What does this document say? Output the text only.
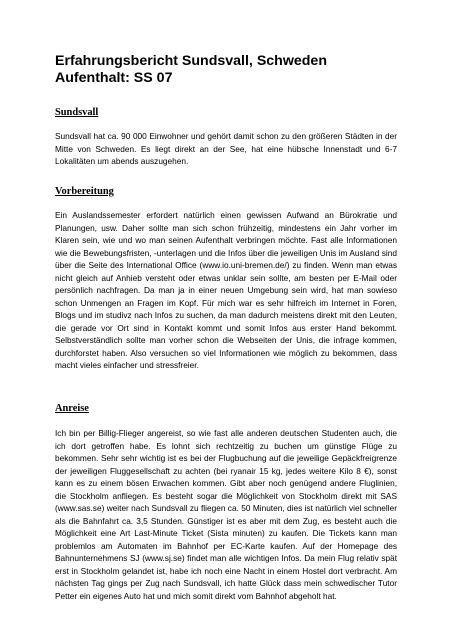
Erfahrungsbericht Sundsvall, Schweden
Aufenthalt: SS 07
Sundsvall

Sundsvall hat ca. 90 000 Einwohner und gehört damit schon zu den größeren Städten in der Mitte von Schweden. Es liegt direkt an der See, hat eine hübsche Innenstadt und 6-7 Lokalitäten um abends auszugehen.

Vorbereitung

Ein Auslandssemester erfordert natürlich einen gewissen Aufwand an Bürokratie und Planungen, usw. Daher sollte man sich schon frühzeitig, mindestens ein Jahr vorher im Klaren sein, wie und wo man seinen Aufenthalt verbringen möchte. Fast alle Informationen wie die Bewebungsfristen, -unterlagen und die Infos über die jeweiligen Unis im Ausland sind über die Seite des International Office (www.io.uni-bremen.de/) zu finden. Wenn man etwas nicht gleich auf Anhieb versteht oder etwas unklar sein sollte, am besten per E-Mail oder persönlich nachfragen. Da man ja in einer neuen Umgebung sein wird, hat man sowieso schon Unmengen an Fragen im Kopf. Für mich war es sehr hilfreich im Internet in Foren, Blogs und im studivz nach Infos zu suchen, da man dadurch meistens direkt mit den Leuten, die gerade vor Ort sind in Kontakt kommt und somit Infos aus erster Hand bekommt. Selbstverständlich sollte man vorher schon die Webseiten der Unis, die infrage kommen, durchforstet haben. Also versuchen so viel Informationen wie möglich zu bekommen, dass macht vieles einfacher und stressfreier.

Anreise

Ich bin per Billig-Flieger angereist, so wie fast alle anderen deutschen Studenten auch, die ich dort getroffen habe. Es lohnt sich rechtzeitig zu buchen um günstige Flüge zu bekommen. Sehr sehr wichtig ist es bei der Flugbuchung auf die jeweilige Gepäckfreigrenze der jeweiligen Fluggesellschaft zu achten (bei ryanair 15 kg, jedes weitere Kilo 8 €), sonst kann es zu einem bösen Erwachen kommen. Gibt aber noch genügend andere Fluglinien, die Stockholm anfliegen. Es besteht sogar die Möglichkeit von Stockholm direkt mit SAS (www.sas.se) weiter nach Sundsvall zu fliegen ca. 50 Minuten, dies ist natürlich viel schneller als die Bahnfahrt ca. 3,5 Stunden. Günstiger ist es aber mit dem Zug, es besteht auch die Möglichkeit eine Art Last-Minute Ticket (Sista minuten) zu kaufen. Die Tickets kann man problemlos am Automaten im Bahnhof per EC-Karte kaufen. Auf der Homepage des Bahnunternehmens SJ (www.sj.se) findet man alle wichtigen Infos. Da mein Flug relativ spät erst in Stockholm gelandet ist, habe ich noch eine Nacht in einem Hostel dort verbracht. Am nächsten Tag gings per Zug nach Sundsvall, ich hatte Glück dass mein schwedischer Tutor Petter ein eigenes Auto hat und mich somit direkt vom Bahnhof abgeholt hat.
